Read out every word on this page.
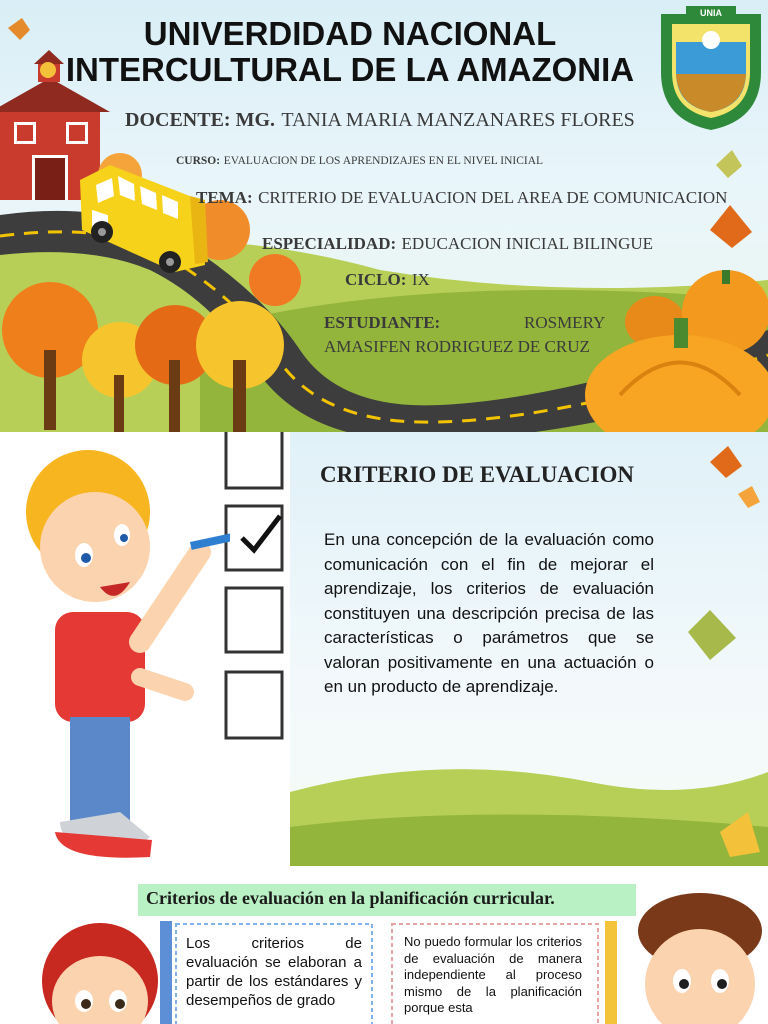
UNIA
UNIVERDIDAD NACIONAL INTERCULTURAL DE LA AMAZONIA
DOCENTE: MG. TANIA MARIA MANZANARES FLORES
CURSO: EVALUACION DE LOS APRENDIZAJES EN EL NIVEL INICIAL
TEMA: CRITERIO DE EVALUACION DEL AREA DE COMUNICACION
ESPECIALIDAD: EDUCACION INICIAL BILINGUE
CICLO: IX
ESTUDIANTE:	ROSMERY
AMASIFEN RODRIGUEZ DE CRUZ
CRITERIO DE EVALUACION

En una concepción de la evaluación como comunicación con el fin de mejorar el aprendizaje, los criterios de evaluación constituyen una descripción precisa de las características o parámetros que se valoran positivamente en una actuación o en un producto de aprendizaje.

Criterios de evaluación en la planificación curricular.

Los criterios de evaluación se elaboran a partir de los estándares y desempeños de grado

No puedo formular los criterios de evaluación de manera independiente al proceso mismo de la planificación porque esta
